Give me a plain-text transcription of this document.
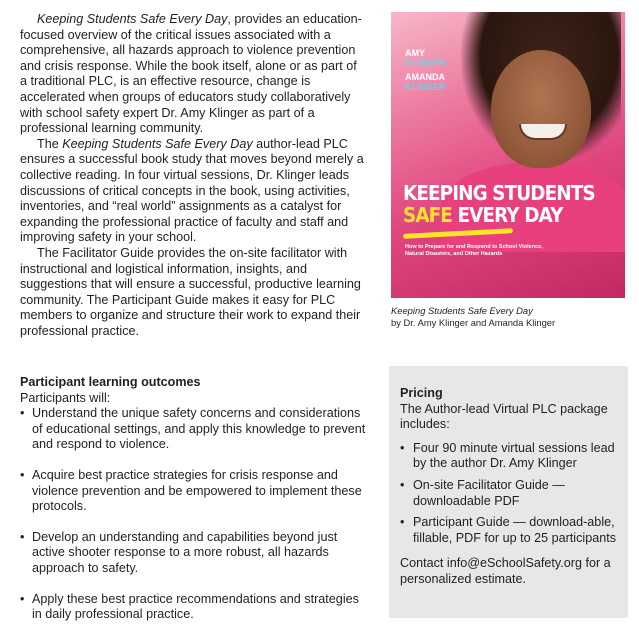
Keeping Students Safe Every Day, provides an education-focused overview of the critical issues associated with a comprehensive, all hazards approach to violence prevention and crisis response. While the book itself, alone or as part of a traditional PLC, is an effective resource, change is accelerated when groups of educators study collaboratively with school safety expert Dr. Amy Klinger as part of a professional learning community.

The Keeping Students Safe Every Day author-lead PLC ensures a successful book study that moves beyond merely a collective reading. In four virtual sessions, Dr. Klinger leads discussions of critical concepts in the book, using activities, inventories, and “real world” assignments as a catalyst for expanding the professional practice of faculty and staff and improving safety in your school.

The Facilitator Guide provides the on-site facilitator with instructional and logistical information, insights, and suggestions that will ensure a successful, productive learning community. The Participant Guide makes it easy for PLC members to organize and structure their work to expand their professional practice.

AMY
KLINGER
AMANDA
KLINGER
KEEPING STUDENTS
SAFE EVERY DAY
How to Prepare for and Respond to School Violence, Natural Disasters, and Other Hazards
Keeping Students Safe Every Day
by Dr. Amy Klinger and Amanda Klinger
Participant learning outcomes
Participants will:
• Understand the unique safety concerns and considerations of educational settings, and apply this knowledge to prevent and respond to violence.
• Acquire best practice strategies for crisis response and violence prevention and be empowered to implement these protocols.
• Develop an understanding and capabilities beyond just active shooter response to a more robust, all hazards approach to safety.
• Apply these best practice recommendations and strategies in daily professional practice.
Pricing

The Author-lead Virtual PLC package includes:

• Four 90 minute virtual sessions lead by the author Dr. Amy Klinger
• On-site Facilitator Guide — downloadable PDF
• Participant Guide — download-able, fillable, PDF for up to 25 participants

Contact info@eSchoolSafety.org for a personalized estimate.
